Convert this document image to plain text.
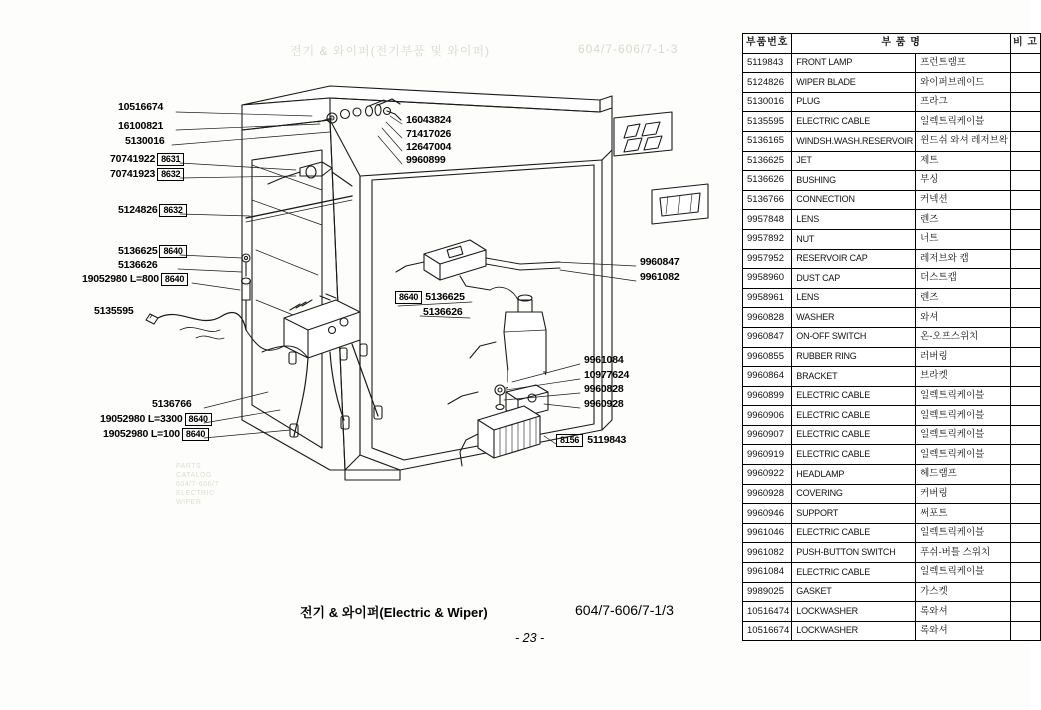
전기 & 와이퍼(전기부품 및 와이퍼)	604/7-606/7-1-3
PARTS
CATALOG
604/7-606/7
ELECTRIC
WIPER
10516674
16100821
5130016
70741922 8631
70741923 8632
5124826 8632
5136625 8640
5136626
19052980 L=800 8640
5135595
5136766
19052980 L=3300 8640
19052980 L=100 8640
16043824
71417026
12647004
9960899
8640 5136625
5136626
9960847
9961082
9961084
10977624
9960828
9960928
8156 5119843
전기 & 와이퍼(Electric & Wiper)	604/7-606/7-1/3
- 23 -
부품번호	부 품 명		비 고
5119843	FRONT LAMP	프런트램프	
5124826	WIPER BLADE	와이퍼브레이드	
5130016	PLUG	프라그	
5135595	ELECTRIC CABLE	일렉트릭케이블	
5136165	WINDSH.WASH.RESERVOIR	윈드쉬 와셔 레저브왁	
5136625	JET	제트	
5136626	BUSHING	부싱	
5136766	CONNECTION	커넥션	
9957848	LENS	렌즈	
9957892	NUT	너트	
9957952	RESERVOIR CAP	레저브와 캡	
9958960	DUST CAP	더스트캡	
9958961	LENS	렌즈	
9960828	WASHER	와셔	
9960847	ON-OFF SWITCH	온-오프스위치	
9960855	RUBBER RING	러버링	
9960864	BRACKET	브라켓	
9960899	ELECTRIC CABLE	일렉트릭케이블	
9960906	ELECTRIC CABLE	일렉트릭케이블	
9960907	ELECTRIC CABLE	일렉트릭케이블	
9960919	ELECTRIC CABLE	일렉트릭케이블	
9960922	HEADLAMP	헤드램프	
9960928	COVERING	커버링	
9960946	SUPPORT	써포트	
9961046	ELECTRIC CABLE	일렉트릭케이블	
9961082	PUSH-BUTTON SWITCH	푸쉬-버틀 스위치	
9961084	ELECTRIC CABLE	일렉트릭케이블	
9989025	GASKET	가스켓	
10516474	LOCKWASHER	록와셔	
10516674	LOCKWASHER	록와셔	
